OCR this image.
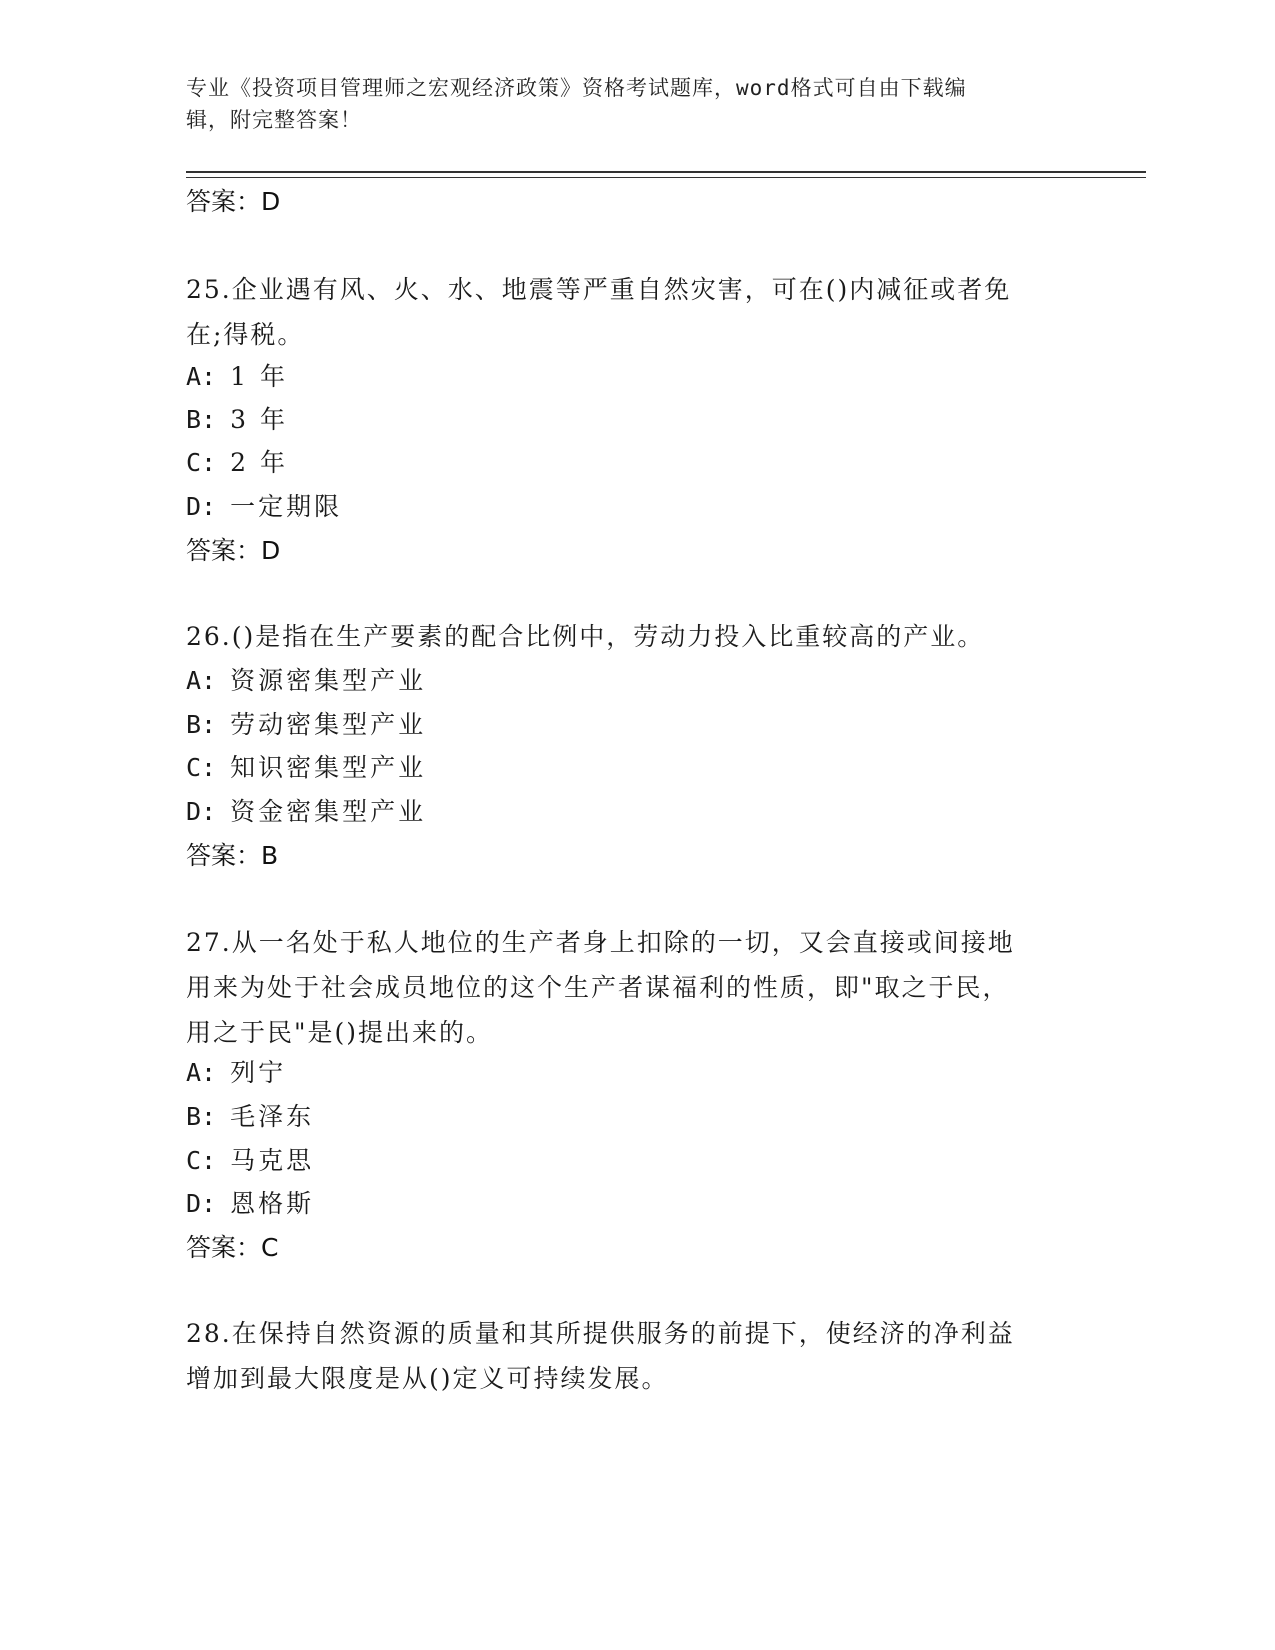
专业《投资项目管理师之宏观经济政策》资格考试题库，word格式可自由下载编
辑，附完整答案！
答案：D
25.企业遇有风、火、水、地震等严重自然灾害，可在()内减征或者免
在;得税。
A: 1 年
B: 3 年
C: 2 年
D: 一定期限
答案：D
26.()是指在生产要素的配合比例中，劳动力投入比重较高的产业。
A: 资源密集型产业
B: 劳动密集型产业
C: 知识密集型产业
D: 资金密集型产业
答案：B
27.从一名处于私人地位的生产者身上扣除的一切，又会直接或间接地
用来为处于社会成员地位的这个生产者谋福利的性质，即"取之于民，
用之于民"是()提出来的。
A: 列宁
B: 毛泽东
C: 马克思
D: 恩格斯
答案：C
28.在保持自然资源的质量和其所提供服务的前提下，使经济的净利益
增加到最大限度是从()定义可持续发展。
